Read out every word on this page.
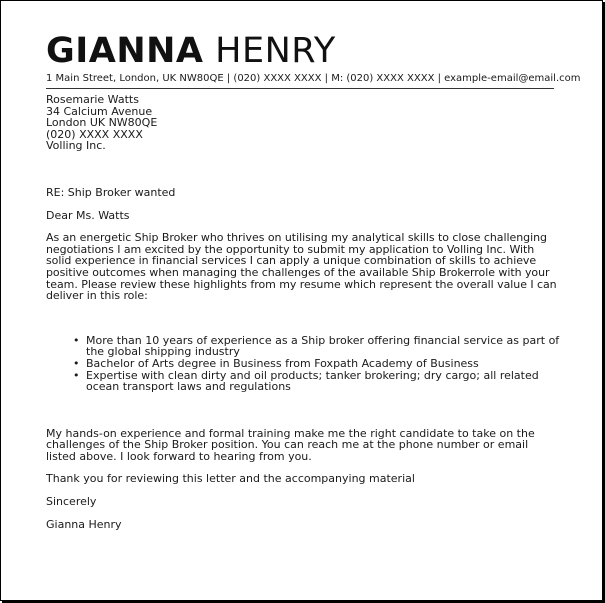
GIANNA HENRY
1 Main Street, London, UK NW80QE | (020) XXXX XXXX | M: (020) XXXX XXXX | example-email@email.com
Rosemarie Watts
34 Calcium Avenue
London UK NW80QE
(020) XXXX XXXX
Volling Inc.
RE: Ship Broker wanted
Dear Ms. Watts
As an energetic Ship Broker who thrives on utilising my analytical skills to close challenging negotiations I am excited by the opportunity to submit my application to Volling Inc. With solid experience in financial services I can apply a unique combination of skills to achieve positive outcomes when managing the challenges of the available Ship Brokerrole with your team. Please review these highlights from my resume which represent the overall value I can deliver in this role:
• More than 10 years of experience as a Ship broker offering financial service as part of the global shipping industry
• Bachelor of Arts degree in Business from Foxpath Academy of Business
• Expertise with clean dirty and oil products; tanker brokering; dry cargo; all related ocean transport laws and regulations
My hands-on experience and formal training make me the right candidate to take on the challenges of the Ship Broker position. You can reach me at the phone number or email listed above. I look forward to hearing from you.
Thank you for reviewing this letter and the accompanying material
Sincerely
Gianna Henry
